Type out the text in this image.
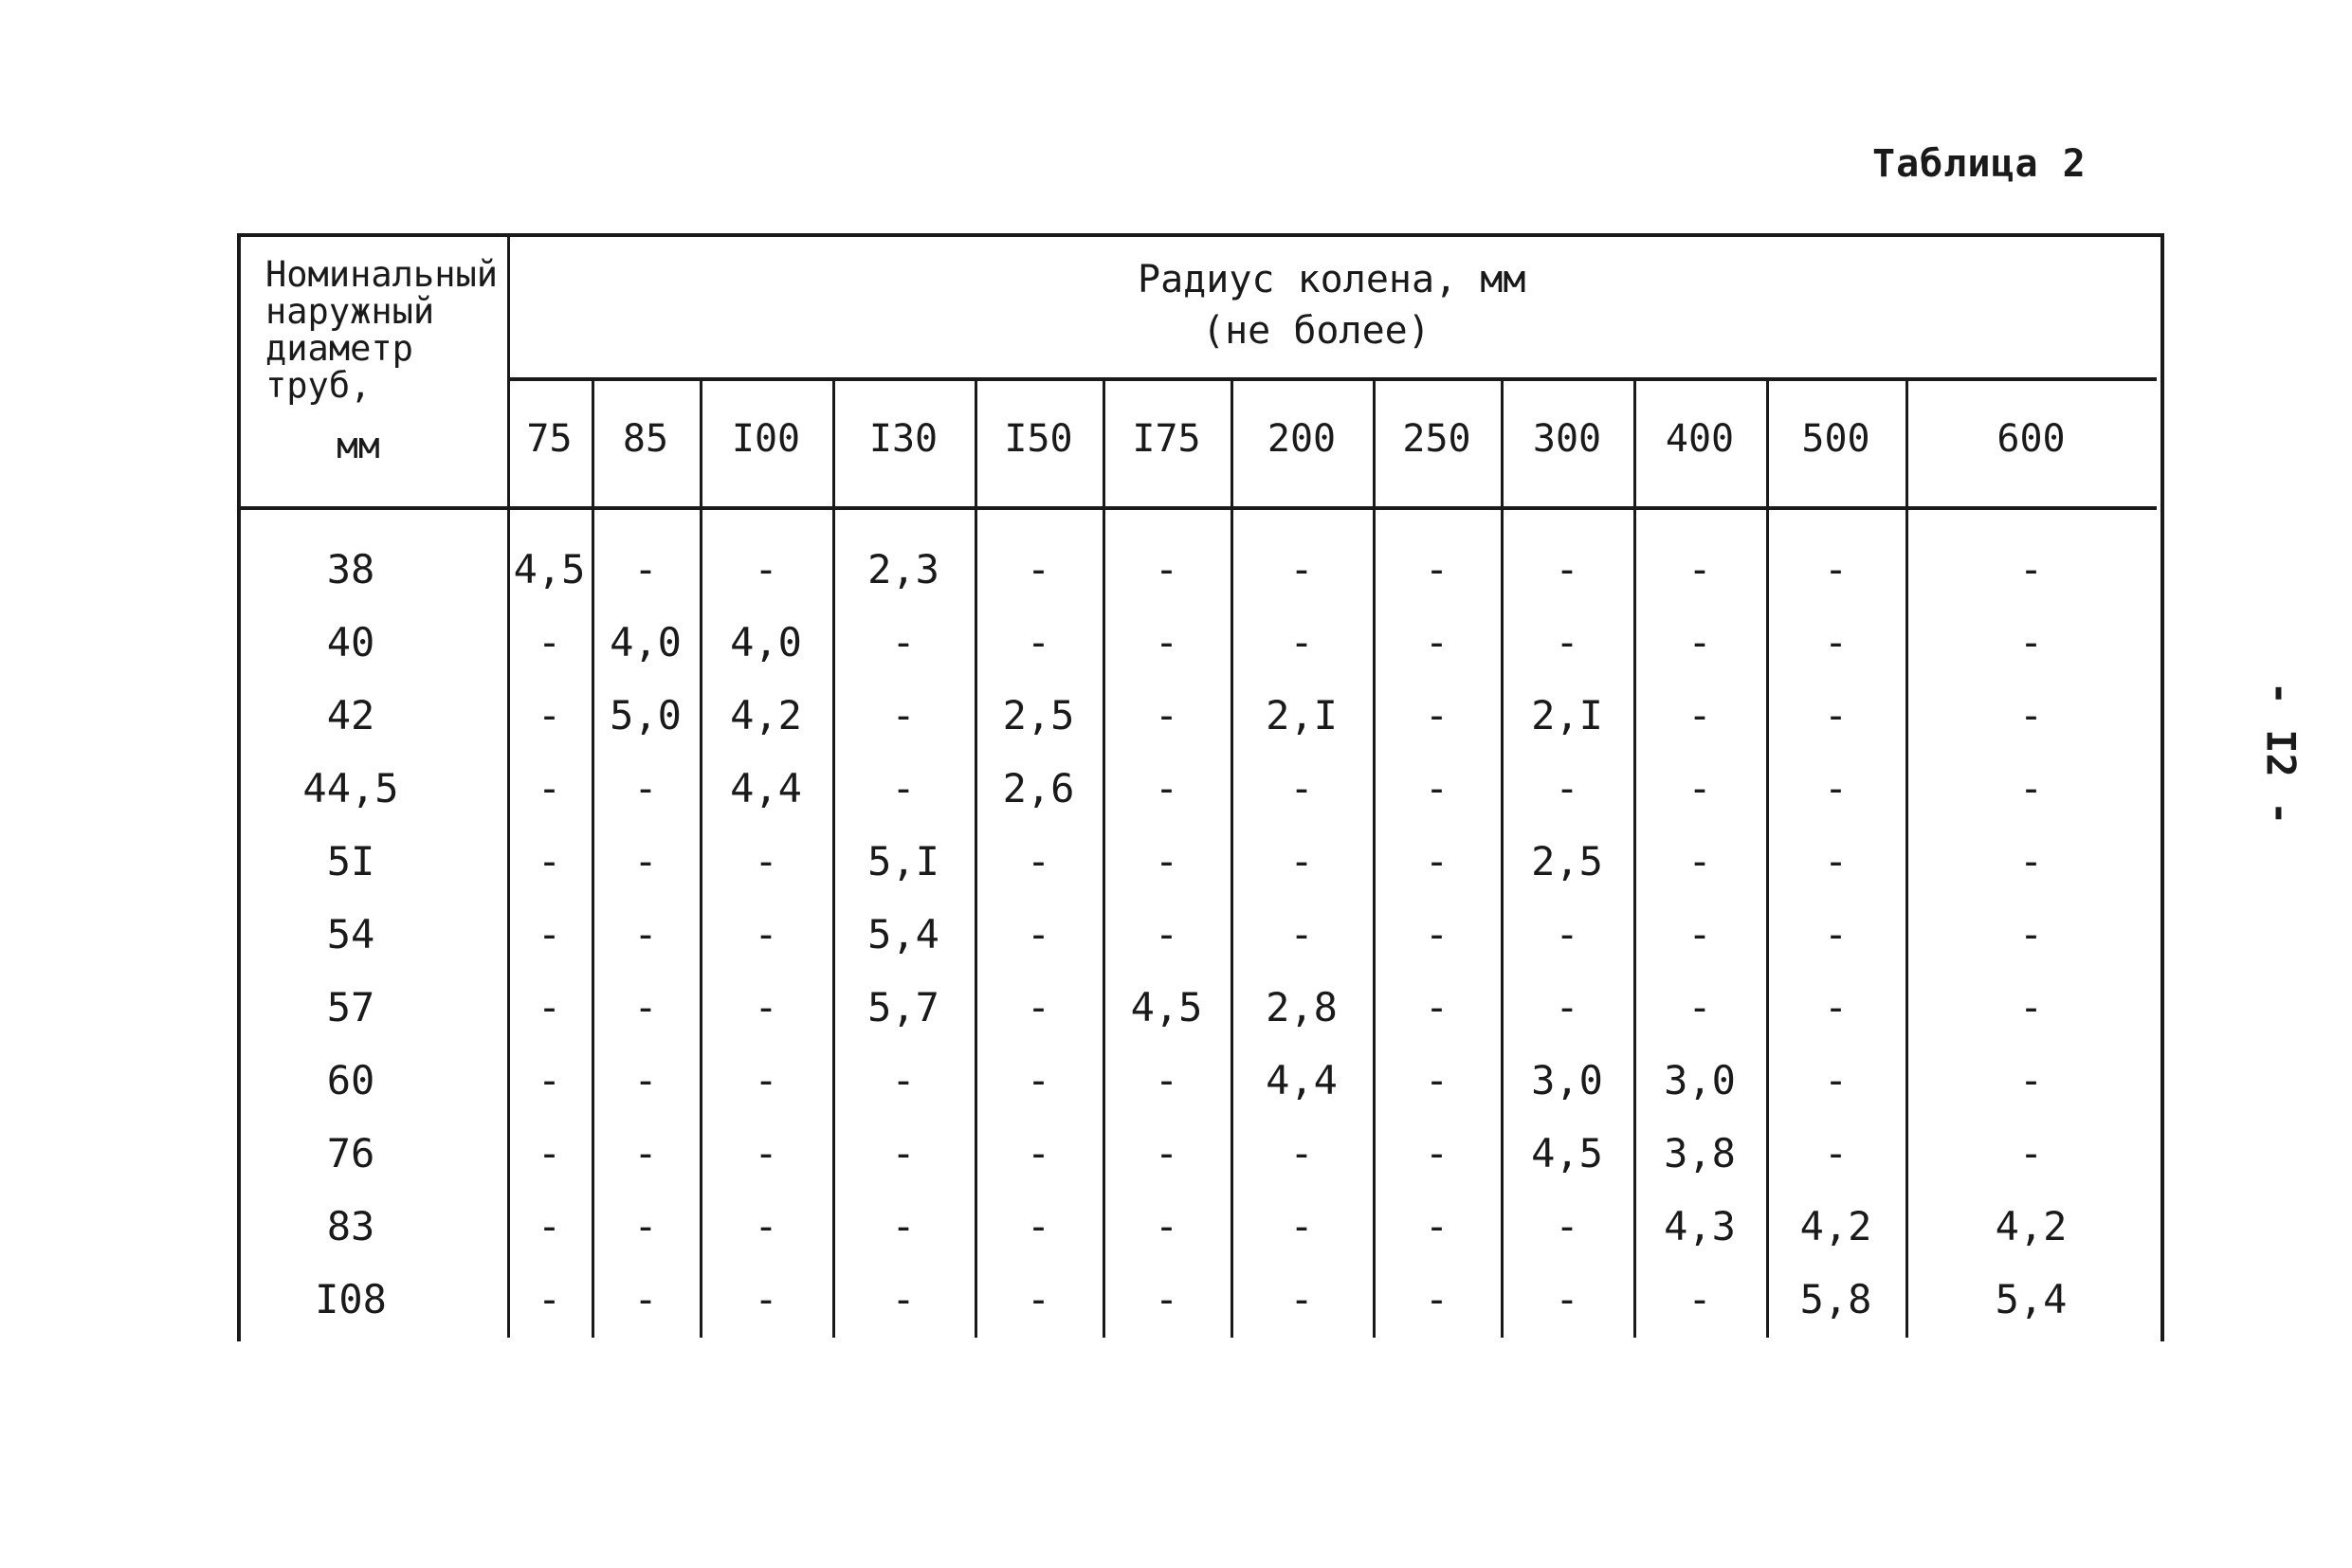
Таблица 2
- I2 -
Номинальный
наружный
диаметр
труб,
мм
Радиус колена, мм
(не более)
75 85 I00 I30 I50 I75 200 250 300 400 500	600
38	4,5 - - 2,3 -	-	-	-	-	-	-	-
40	- 4,0 4,0 -	-	-	-	-	-	-	-	-
42	- 5,0 4,2 - 2,5 - 2,I - 2,I -	-	-
44,5	- - 4,4 - 2,6 -	-	-	-	-	-	-
5I	- - - 5,I -	-	-	- 2,5 -	-	-
54	- - - 5,4 -	-	-	-	-	-	-	-
57	- - - 5,7 - 4,5 2,8 -	-	-	-	-
60	- - -	-	-	- 4,4 - 3,0 3,0 -	-
76	- - -	-	-	-	-	- 4,5 3,8 -	-
83	- - -	-	-	-	-	-	- 4,3 4,2	4,2
I08	- - -	-	-	-	-	-	-	- 5,8	5,4
